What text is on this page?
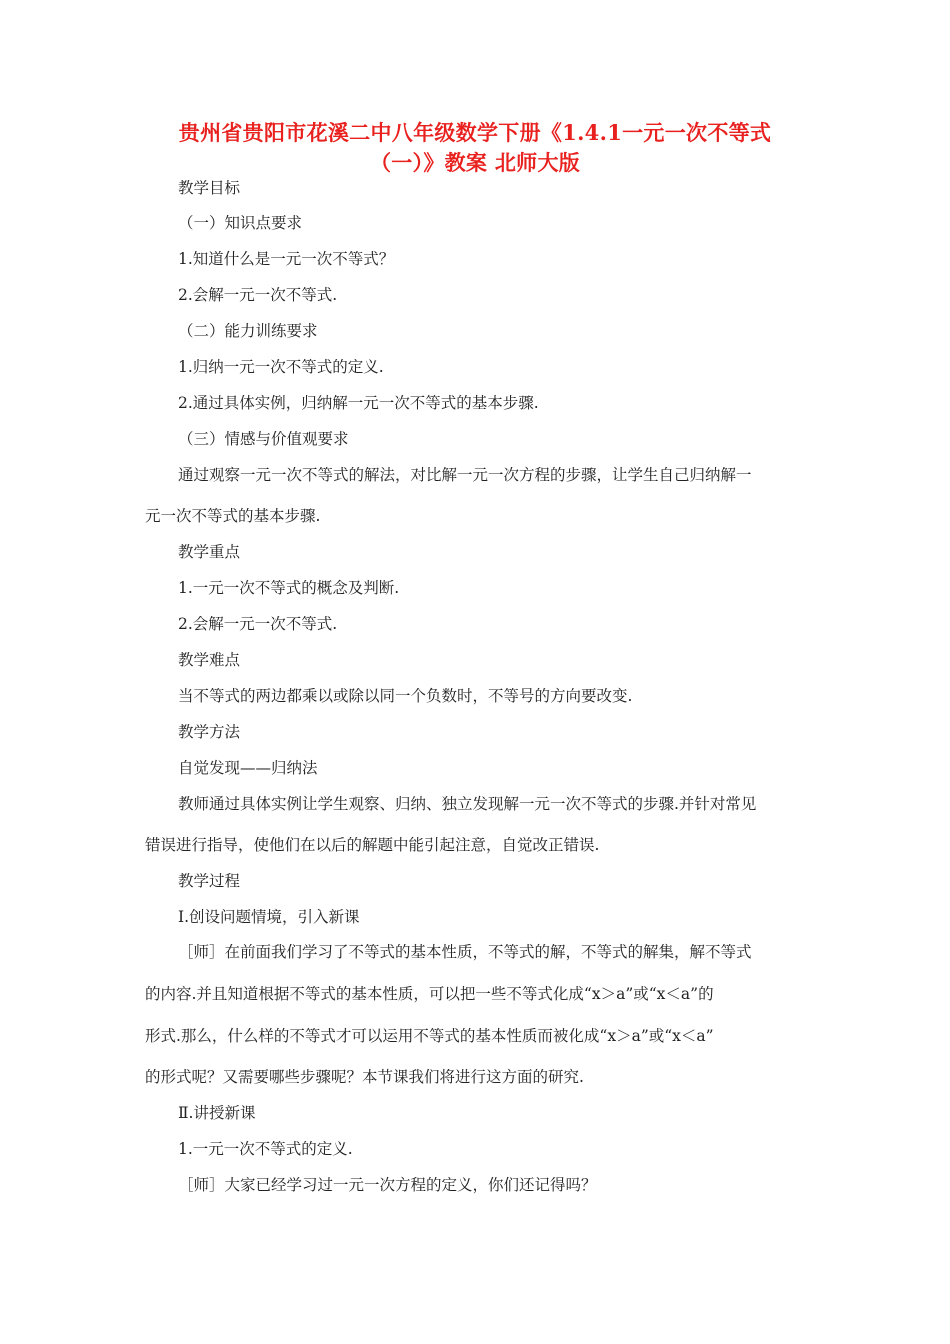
贵州省贵阳市花溪二中八年级数学下册《1.4.1一元一次不等式
（一）》教案 北师大版
教学目标
（一）知识点要求
1.知道什么是一元一次不等式？
2.会解一元一次不等式.
（二）能力训练要求
1.归纳一元一次不等式的定义.
2.通过具体实例，归纳解一元一次不等式的基本步骤.
（三）情感与价值观要求
通过观察一元一次不等式的解法，对比解一元一次方程的步骤，让学生自己归纳解一
元一次不等式的基本步骤.
教学重点
1.一元一次不等式的概念及判断.
2.会解一元一次不等式.
教学难点
当不等式的两边都乘以或除以同一个负数时，不等号的方向要改变.
教学方法
自觉发现——归纳法
教师通过具体实例让学生观察、归纳、独立发现解一元一次不等式的步骤.并针对常见
错误进行指导，使他们在以后的解题中能引起注意，自觉改正错误.
教学过程
Ⅰ.创设问题情境，引入新课
［师］在前面我们学习了不等式的基本性质，不等式的解，不等式的解集，解不等式
的内容.并且知道根据不等式的基本性质，可以把一些不等式化成“x＞a”或“x＜a”的
形式.那么，什么样的不等式才可以运用不等式的基本性质而被化成“x＞a”或“x＜a”
的形式呢？又需要哪些步骤呢？本节课我们将进行这方面的研究.
Ⅱ.讲授新课
1.一元一次不等式的定义.
［师］大家已经学习过一元一次方程的定义，你们还记得吗？
